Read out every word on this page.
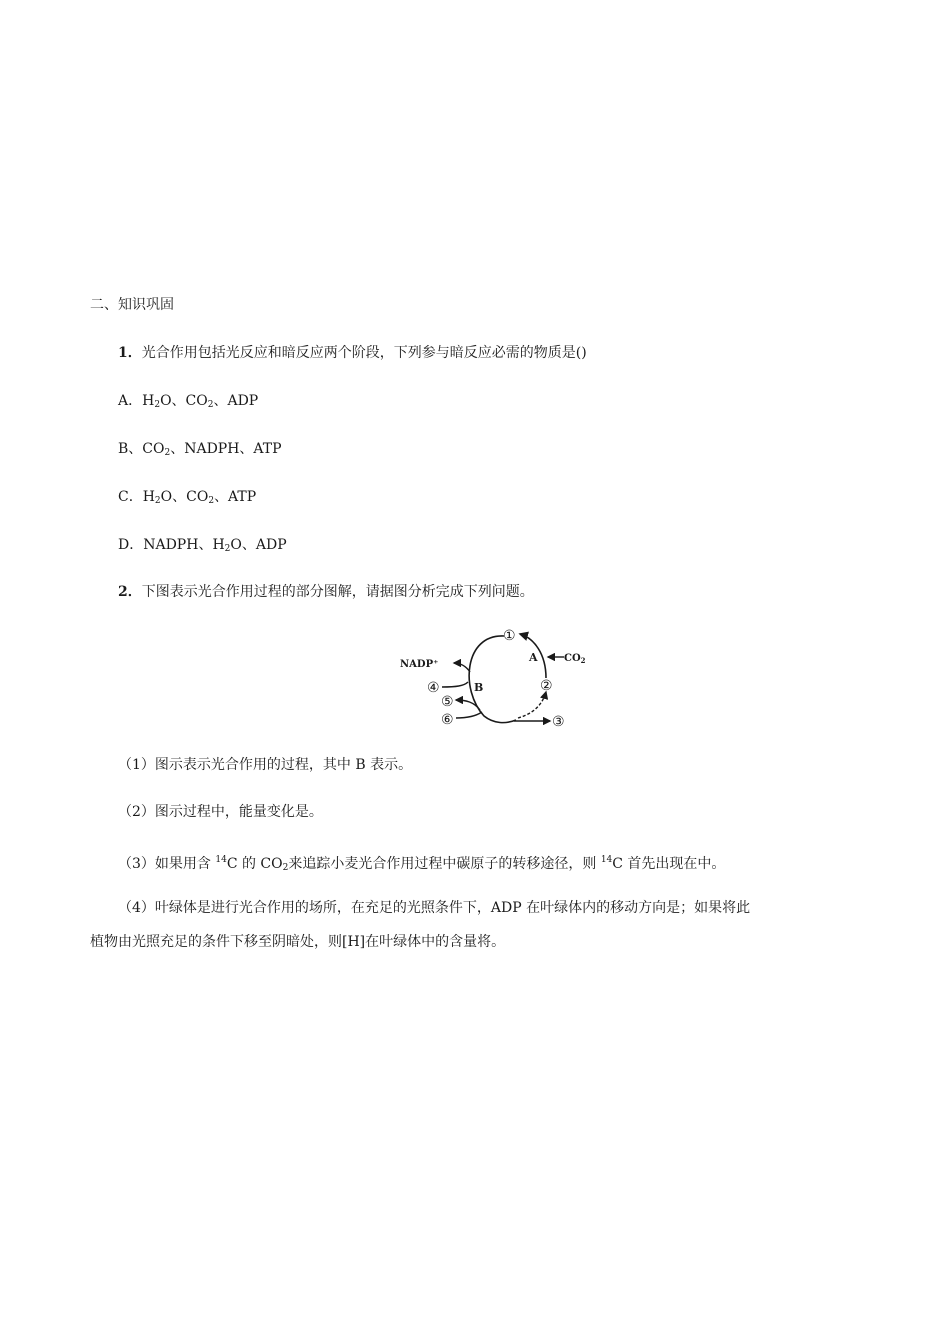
二、知识巩固
1．光合作用包括光反应和暗反应两个阶段，下列参与暗反应必需的物质是()
A．$H_2O$、$CO_2$、ADP
B、$CO_2$、NADPH、ATP
C．$H_2O$、$CO_2$、ATP
D．NADPH、$H_2O$、ADP
2．下图表示光合作用过程的部分图解，请据图分析完成下列问题。
①
②
③
④
⑤
⑥
A
B
NADP⁺
$CO_2$
（1）图示表示光合作用的过程，其中 B 表示。
（2）图示过程中，能量变化是。
（3）如果用含 $^{14}$C 的 $CO_2$来追踪小麦光合作用过程中碳原子的转移途径，则 $^{14}$C 首先出现在中。
（4）叶绿体是进行光合作用的场所，在充足的光照条件下，ADP 在叶绿体内的移动方向是；如果将此
植物由光照充足的条件下移至阴暗处，则[H]在叶绿体中的含量将。
